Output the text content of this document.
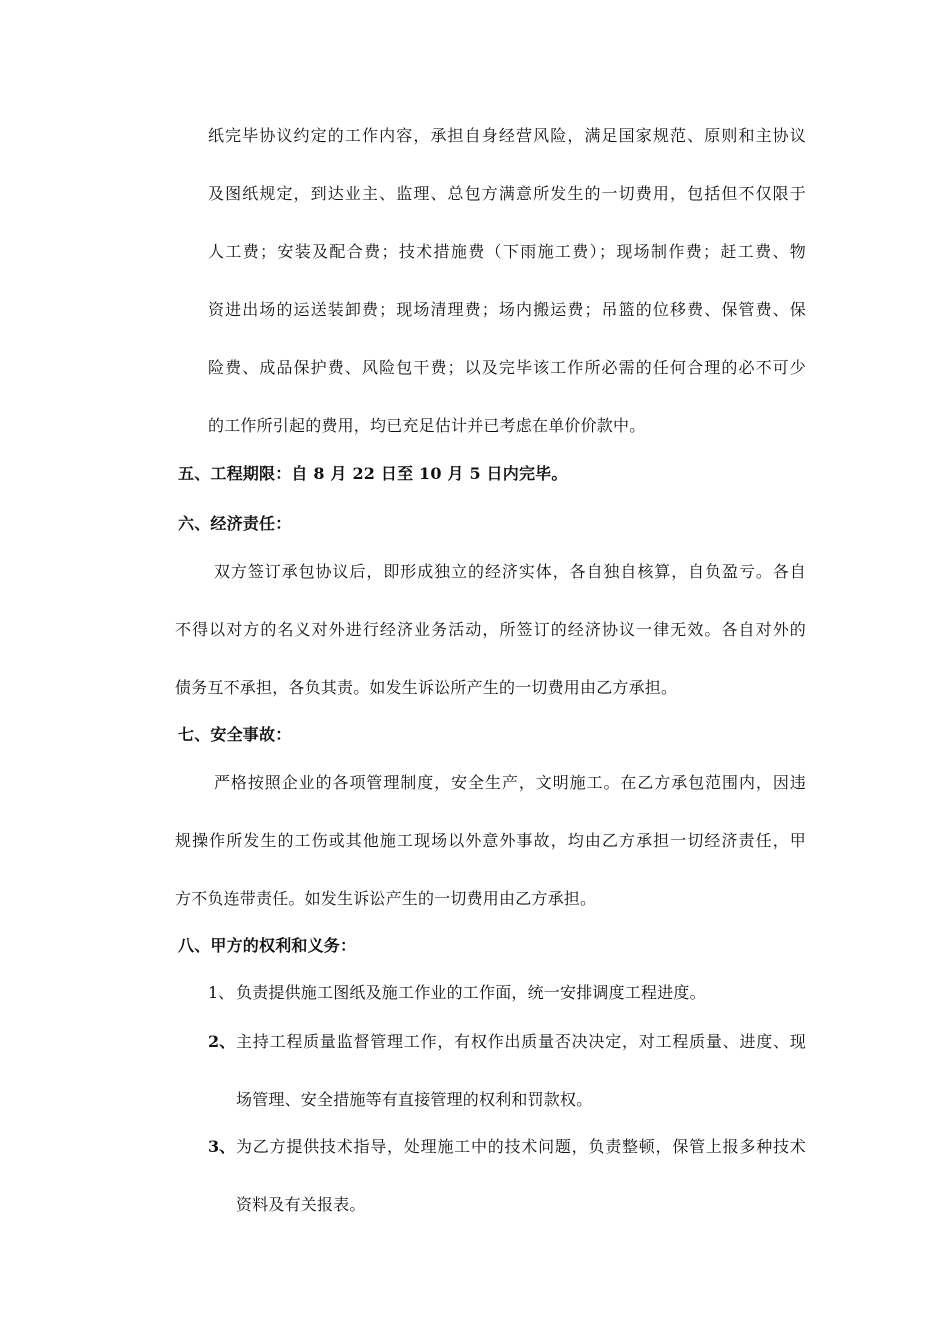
纸完毕协议约定的工作内容，承担自身经营风险，满足国家规范、原则和主协议
及图纸规定，到达业主、监理、总包方满意所发生的一切费用，包括但不仅限于
人工费；安装及配合费；技术措施费（下雨施工费）；现场制作费；赶工费、物
资进出场的运送装卸费；现场清理费；场内搬运费；吊篮的位移费、保管费、保
险费、成品保护费、风险包干费；以及完毕该工作所必需的任何合理的必不可少
的工作所引起的费用，均已充足估计并已考虑在单价价款中。
五、工程期限：自 8 月 22 日至 10 月 5 日内完毕。
六、经济责任：
双方签订承包协议后，即形成独立的经济实体，各自独自核算，自负盈亏。各自
不得以对方的名义对外进行经济业务活动，所签订的经济协议一律无效。各自对外的
债务互不承担，各负其责。如发生诉讼所产生的一切费用由乙方承担。
七、安全事故：
严格按照企业的各项管理制度，安全生产，文明施工。在乙方承包范围内，因违
规操作所发生的工伤或其他施工现场以外意外事故，均由乙方承担一切经济责任，甲
方不负连带责任。如发生诉讼产生的一切费用由乙方承担。
八、甲方的权利和义务：
1、 负责提供施工图纸及施工作业的工作面，统一安排调度工程进度。
2、 主持工程质量监督管理工作，有权作出质量否决决定，对工程质量、进度、现
场管理、安全措施等有直接管理的权利和罚款权。
3、 为乙方提供技术指导，处理施工中的技术问题，负责整顿，保管上报多种技术
资料及有关报表。
